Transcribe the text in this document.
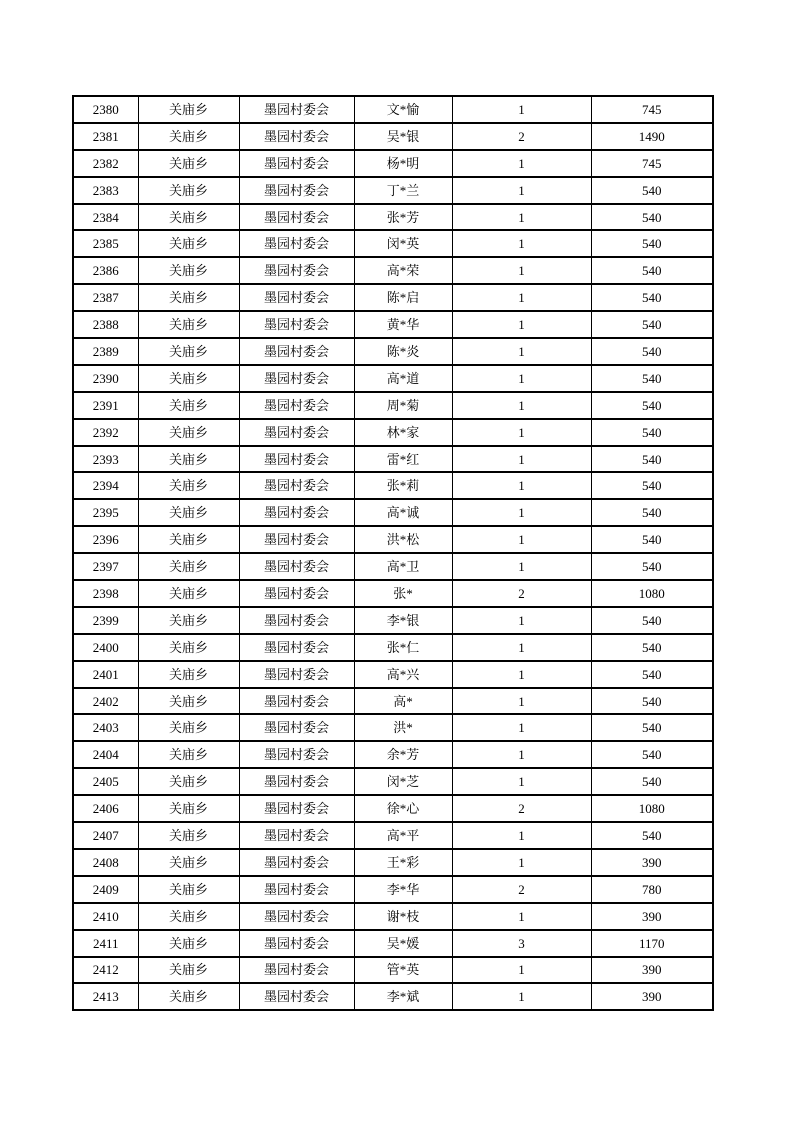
2380	关庙乡	墨园村委会	文*愉	1	745
2381	关庙乡	墨园村委会	吴*银	2	1490
2382	关庙乡	墨园村委会	杨*明	1	745
2383	关庙乡	墨园村委会	丁*兰	1	540
2384	关庙乡	墨园村委会	张*芳	1	540
2385	关庙乡	墨园村委会	闵*英	1	540
2386	关庙乡	墨园村委会	高*荣	1	540
2387	关庙乡	墨园村委会	陈*启	1	540
2388	关庙乡	墨园村委会	黄*华	1	540
2389	关庙乡	墨园村委会	陈*炎	1	540
2390	关庙乡	墨园村委会	高*道	1	540
2391	关庙乡	墨园村委会	周*菊	1	540
2392	关庙乡	墨园村委会	林*家	1	540
2393	关庙乡	墨园村委会	雷*红	1	540
2394	关庙乡	墨园村委会	张*莉	1	540
2395	关庙乡	墨园村委会	高*诚	1	540
2396	关庙乡	墨园村委会	洪*松	1	540
2397	关庙乡	墨园村委会	高*卫	1	540
2398	关庙乡	墨园村委会	张*	2	1080
2399	关庙乡	墨园村委会	李*银	1	540
2400	关庙乡	墨园村委会	张*仁	1	540
2401	关庙乡	墨园村委会	高*兴	1	540
2402	关庙乡	墨园村委会	高*	1	540
2403	关庙乡	墨园村委会	洪*	1	540
2404	关庙乡	墨园村委会	余*芳	1	540
2405	关庙乡	墨园村委会	闵*芝	1	540
2406	关庙乡	墨园村委会	徐*心	2	1080
2407	关庙乡	墨园村委会	高*平	1	540
2408	关庙乡	墨园村委会	王*彩	1	390
2409	关庙乡	墨园村委会	李*华	2	780
2410	关庙乡	墨园村委会	谢*枝	1	390
2411	关庙乡	墨园村委会	吴*媛	3	1170
2412	关庙乡	墨园村委会	管*英	1	390
2413	关庙乡	墨园村委会	李*斌	1	390
